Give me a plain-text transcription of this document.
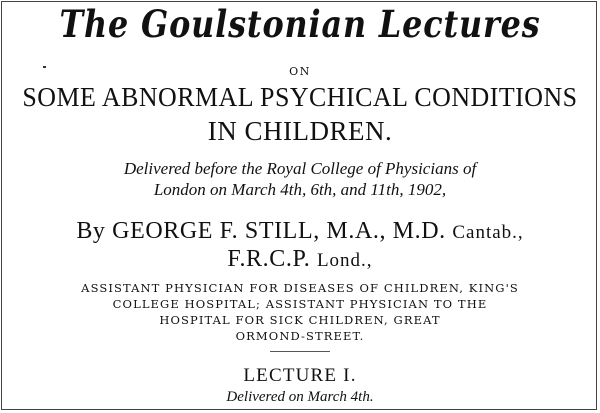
The Goulstonian Lectures
ON
SOME ABNORMAL PSYCHICAL CONDITIONS
IN CHILDREN.
Delivered before the Royal College of Physicians of
London on March 4th, 6th, and 11th, 1902,
By GEORGE F. STILL, M.A., M.D. Cantab.,
F.R.C.P. Lond.,
ASSISTANT PHYSICIAN FOR DISEASES OF CHILDREN, KING'S
COLLEGE HOSPITAL; ASSISTANT PHYSICIAN TO THE
HOSPITAL FOR SICK CHILDREN, GREAT
ORMOND-STREET.
LECTURE I.
Delivered on March 4th.
